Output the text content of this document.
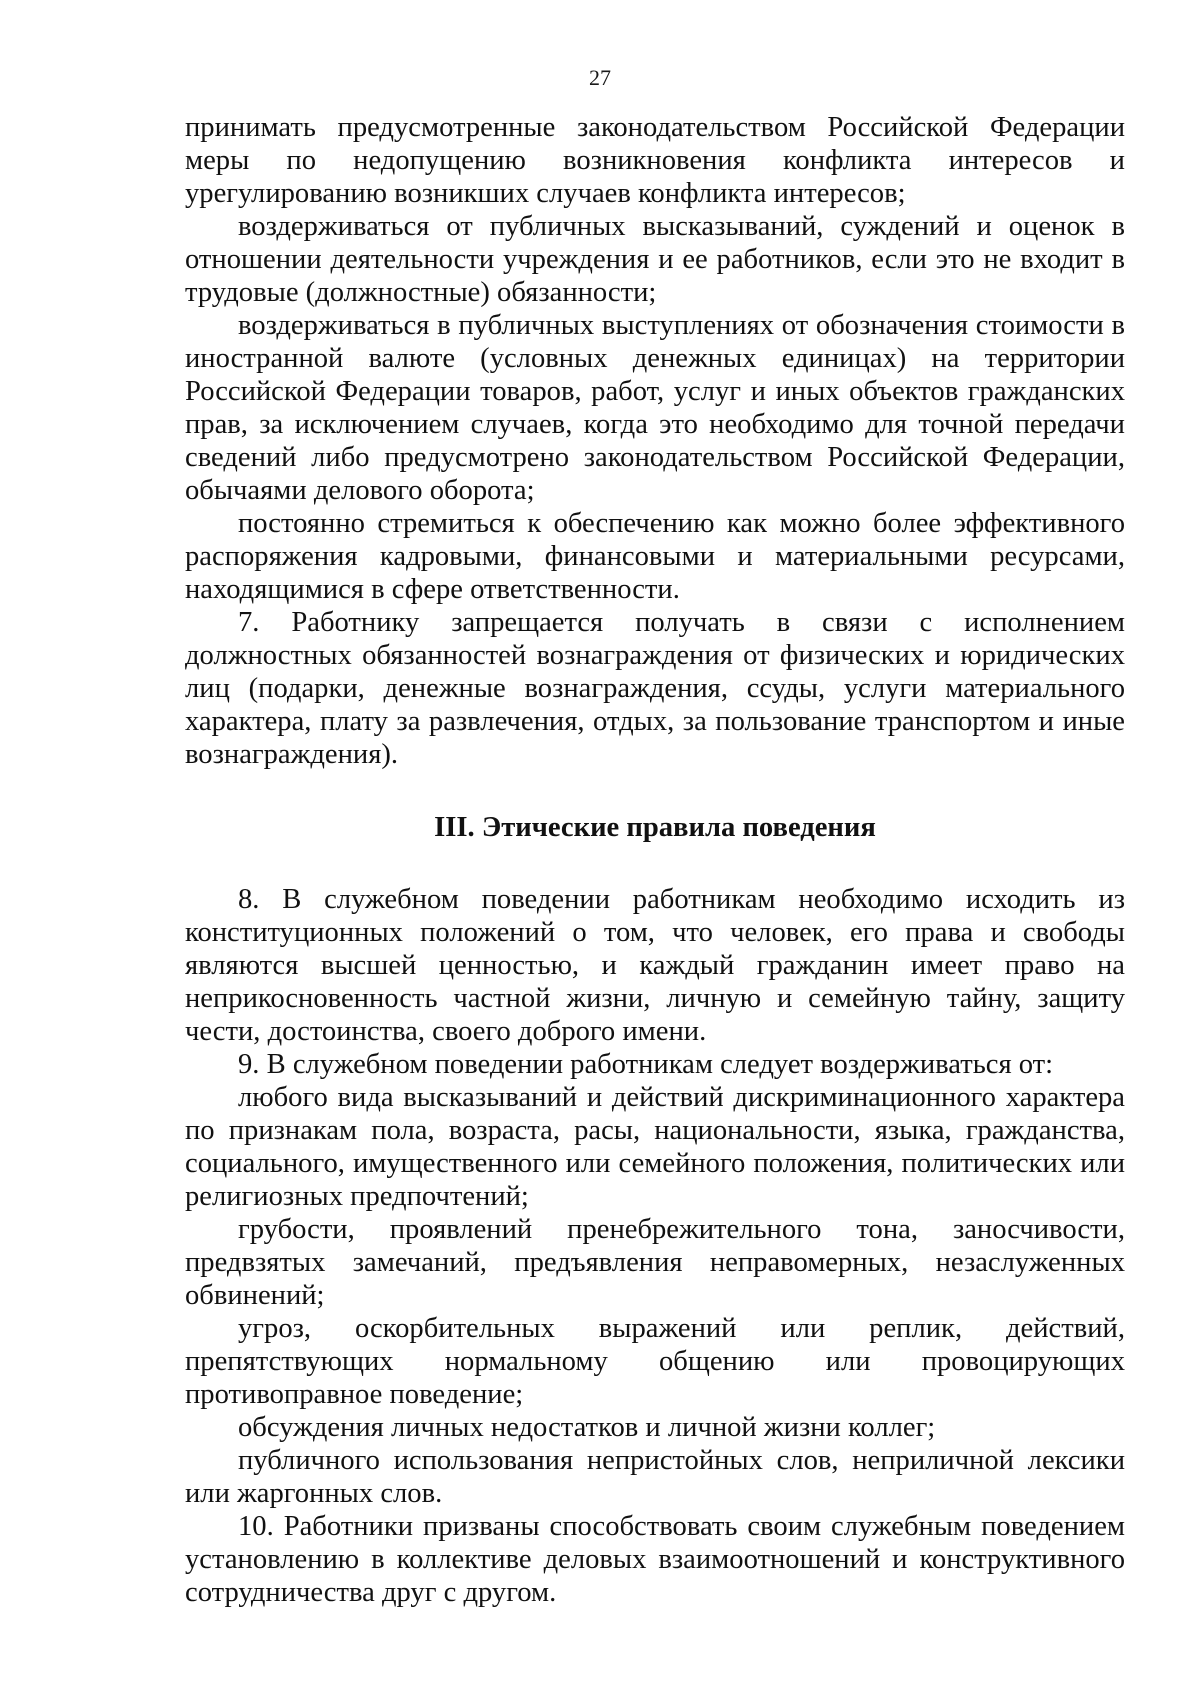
27

принимать предусмотренные законодательством Российской Федерации меры по недопущению возникновения конфликта интересов и урегулированию возникших случаев конфликта интересов;

воздерживаться от публичных высказываний, суждений и оценок в отношении деятельности учреждения и ее работников, если это не входит в трудовые (должностные) обязанности;

воздерживаться в публичных выступлениях от обозначения стоимости в иностранной валюте (условных денежных единицах) на территории Российской Федерации товаров, работ, услуг и иных объектов гражданских прав, за исключением случаев, когда это необходимо для точной передачи сведений либо предусмотрено законодательством Российской Федерации, обычаями делового оборота;

постоянно стремиться к обеспечению как можно более эффективного распоряжения кадровыми, финансовыми и материальными ресурсами, находящимися в сфере ответственности.

7. Работнику запрещается получать в связи с исполнением должностных обязанностей вознаграждения от физических и юридических лиц (подарки, денежные вознаграждения, ссуды, услуги материального характера, плату за развлечения, отдых, за пользование транспортом и иные вознаграждения).

III. Этические правила поведения

8. В служебном поведении работникам необходимо исходить из конституционных положений о том, что человек, его права и свободы являются высшей ценностью, и каждый гражданин имеет право на неприкосновенность частной жизни, личную и семейную тайну, защиту чести, достоинства, своего доброго имени.

9. В служебном поведении работникам следует воздерживаться от:

любого вида высказываний и действий дискриминационного характера по признакам пола, возраста, расы, национальности, языка, гражданства, социального, имущественного или семейного положения, политических или религиозных предпочтений;

грубости, проявлений пренебрежительного тона, заносчивости, предвзятых замечаний, предъявления неправомерных, незаслуженных обвинений;

угроз, оскорбительных выражений или реплик, действий, препятствующих нормальному общению или провоцирующих противоправное поведение;

обсуждения личных недостатков и личной жизни коллег;

публичного использования непристойных слов, неприличной лексики или жаргонных слов.

10. Работники призваны способствовать своим служебным поведением установлению в коллективе деловых взаимоотношений и конструктивного сотрудничества друг с другом.
